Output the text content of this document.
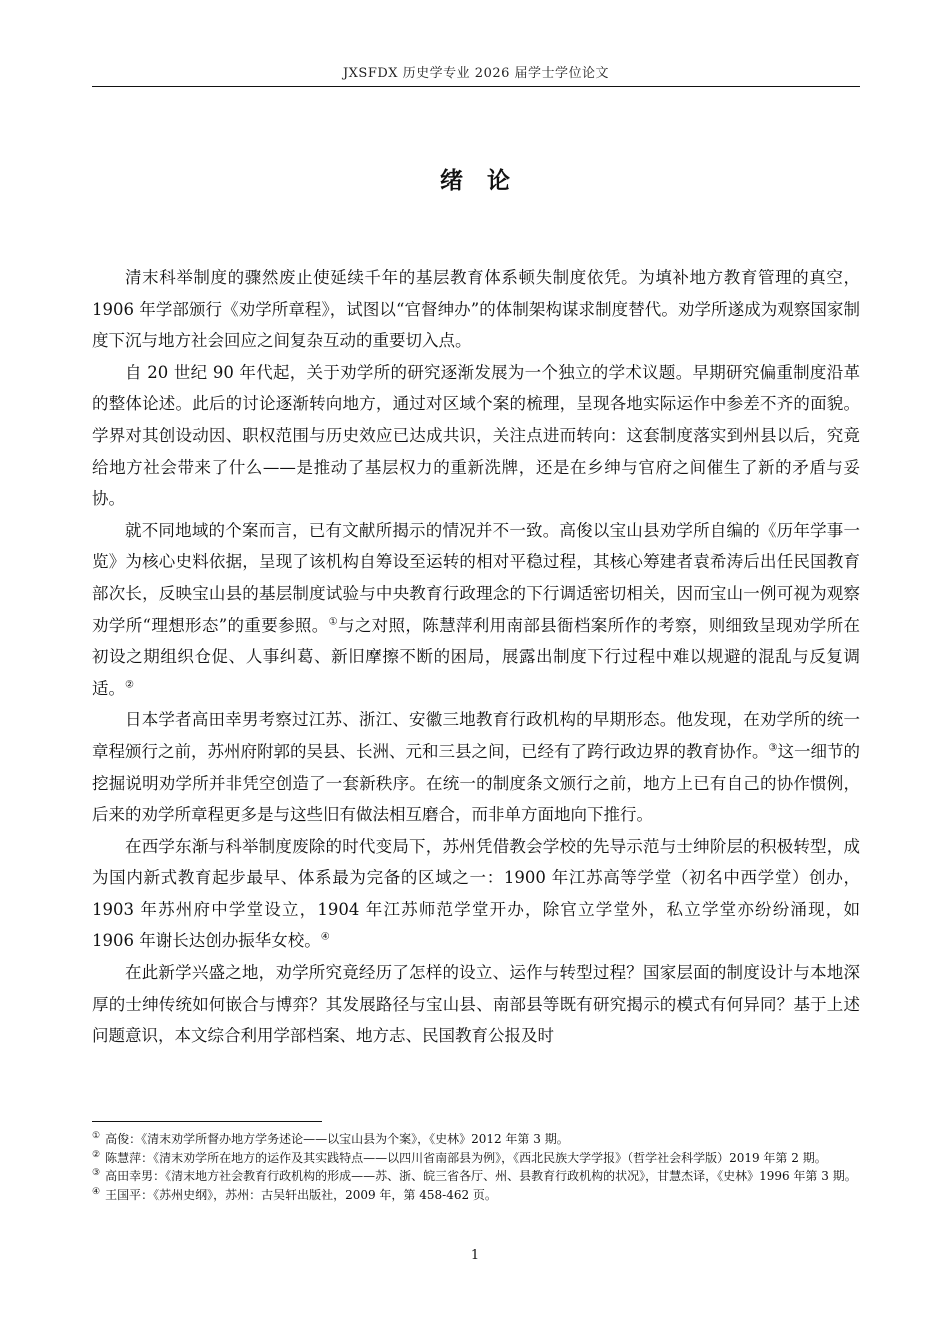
JXSFDX 历史学专业 2026 届学士学位论文
绪论

清末科举制度的骤然废止使延续千年的基层教育体系顿失制度依凭。为填补地方教育管理的真空，1906 年学部颁行《劝学所章程》，试图以“官督绅办”的体制架构谋求制度替代。劝学所遂成为观察国家制度下沉与地方社会回应之间复杂互动的重要切入点。

自 20 世纪 90 年代起，关于劝学所的研究逐渐发展为一个独立的学术议题。早期研究偏重制度沿革的整体论述。此后的讨论逐渐转向地方，通过对区域个案的梳理，呈现各地实际运作中参差不齐的面貌。学界对其创设动因、职权范围与历史效应已达成共识，关注点进而转向：这套制度落实到州县以后，究竟给地方社会带来了什么——是推动了基层权力的重新洗牌，还是在乡绅与官府之间催生了新的矛盾与妥协。

就不同地域的个案而言，已有文献所揭示的情况并不一致。高俊以宝山县劝学所自编的《历年学事一览》为核心史料依据，呈现了该机构自筹设至运转的相对平稳过程，其核心筹建者袁希涛后出任民国教育部次长，反映宝山县的基层制度试验与中央教育行政理念的下行调适密切相关，因而宝山一例可视为观察劝学所“理想形态”的重要参照。①与之对照，陈慧萍利用南部县衙档案所作的考察，则细致呈现劝学所在初设之期组织仓促、人事纠葛、新旧摩擦不断的困局，展露出制度下行过程中难以规避的混乱与反复调适。②

日本学者高田幸男考察过江苏、浙江、安徽三地教育行政机构的早期形态。他发现，在劝学所的统一章程颁行之前，苏州府附郭的吴县、长洲、元和三县之间，已经有了跨行政边界的教育协作。③这一细节的挖掘说明劝学所并非凭空创造了一套新秩序。在统一的制度条文颁行之前，地方上已有自己的协作惯例，后来的劝学所章程更多是与这些旧有做法相互磨合，而非单方面地向下推行。

在西学东渐与科举制度废除的时代变局下，苏州凭借教会学校的先导示范与士绅阶层的积极转型，成为国内新式教育起步最早、体系最为完备的区域之一：1900 年江苏高等学堂（初名中西学堂）创办，1903 年苏州府中学堂设立，1904 年江苏师范学堂开办，除官立学堂外，私立学堂亦纷纷涌现，如 1906 年谢长达创办振华女校。④

在此新学兴盛之地，劝学所究竟经历了怎样的设立、运作与转型过程？国家层面的制度设计与本地深厚的士绅传统如何嵌合与博弈？其发展路径与宝山县、南部县等既有研究揭示的模式有何异同？基于上述问题意识，本文综合利用学部档案、地方志、民国教育公报及时

① 高俊：《清末劝学所督办地方学务述论——以宝山县为个案》，《史林》2012 年第 3 期。
② 陈慧萍：《清末劝学所在地方的运作及其实践特点——以四川省南部县为例》，《西北民族大学学报》（哲学社会科学版）2019 年第 2 期。
③ 高田幸男：《清末地方社会教育行政机构的形成——苏、浙、皖三省各厅、州、县教育行政机构的状况》，甘慧杰译，《史林》1996 年第 3 期。
④ 王国平：《苏州史纲》，苏州：古吴轩出版社，2009 年，第 458-462 页。
1
